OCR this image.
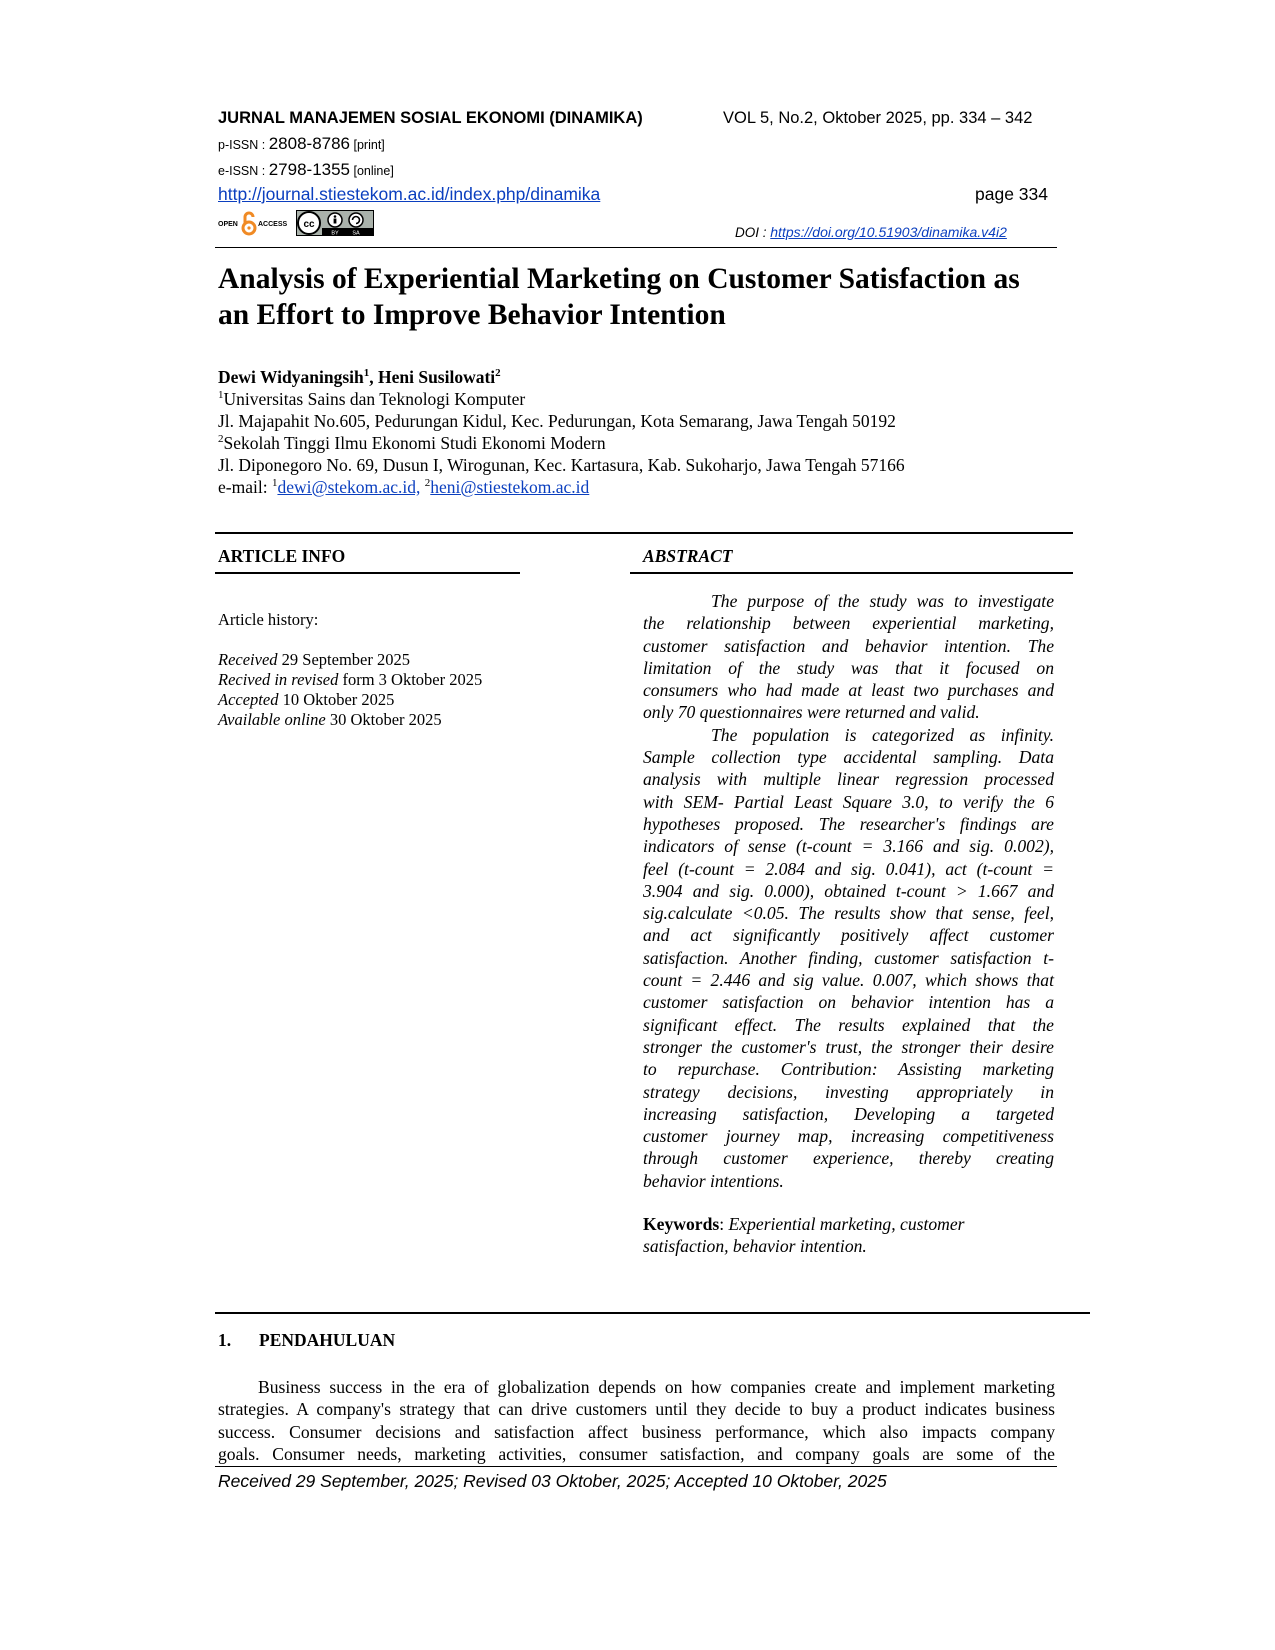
JURNAL MANAJEMEN SOSIAL EKONOMI (DINAMIKA)	VOL 5, No.2, Oktober 2025, pp. 334 – 342
p-ISSN : 2808-8786 [print]
e-ISSN : 2798-1355 [online]
http://journal.stiestekom.ac.id/index.php/dinamika	page 334
OPEN	ACCESS cc
BY SA	DOI : https://doi.org/10.51903/dinamika.v4i2
Analysis of Experiential Marketing on Customer Satisfaction as
an Effort to Improve Behavior Intention
Dewi Widyaningsih$^1$, Heni Susilowati$^2$
$^1$Universitas Sains dan Teknologi Komputer
Jl. Majapahit No.605, Pedurungan Kidul, Kec. Pedurungan, Kota Semarang, Jawa Tengah 50192
$^2$Sekolah Tinggi Ilmu Ekonomi Studi Ekonomi Modern
Jl. Diponegoro No. 69, Dusun I, Wirogunan, Kec. Kartasura, Kab. Sukoharjo, Jawa Tengah 57166
e-mail: $^1$dewi@stekom.ac.id, $^2$heni@stiestekom.ac.id
ARTICLE INFO	ABSTRACT
Article history:
Received 29 September 2025
Recived in revised form 3 Oktober 2025
Accepted 10 Oktober 2025
Available online 30 Oktober 2025
The purpose of the study was to investigate
the relationship between experiential marketing,
customer satisfaction and behavior intention. The
limitation of the study was that it focused on
consumers who had made at least two purchases and
only 70 questionnaires were returned and valid.
The population is categorized as infinity.
Sample collection type accidental sampling. Data
analysis with multiple linear regression processed
with SEM- Partial Least Square 3.0, to verify the 6
hypotheses proposed. The researcher's findings are
indicators of sense (t-count = 3.166 and sig. 0.002),
feel (t-count = 2.084 and sig. 0.041), act (t-count =
3.904 and sig. 0.000), obtained t-count > 1.667 and
sig.calculate <0.05. The results show that sense, feel,
and act significantly positively affect customer
satisfaction. Another finding, customer satisfaction t-
count = 2.446 and sig value. 0.007, which shows that
customer satisfaction on behavior intention has a
significant effect. The results explained that the
stronger the customer's trust, the stronger their desire
to repurchase. Contribution: Assisting marketing
strategy decisions, investing appropriately in
increasing satisfaction, Developing a targeted
customer journey map, increasing competitiveness
through customer experience, thereby creating
behavior intentions.
Keywords: Experiential marketing, customer
satisfaction, behavior intention.
1. PENDAHULUAN
Business success in the era of globalization depends on how companies create and implement marketing
strategies. A company's strategy that can drive customers until they decide to buy a product indicates business
success. Consumer decisions and satisfaction affect business performance, which also impacts company
goals. Consumer needs, marketing activities, consumer satisfaction, and company goals are some of the
Received 29 September, 2025; Revised 03 Oktober, 2025; Accepted 10 Oktober, 2025
